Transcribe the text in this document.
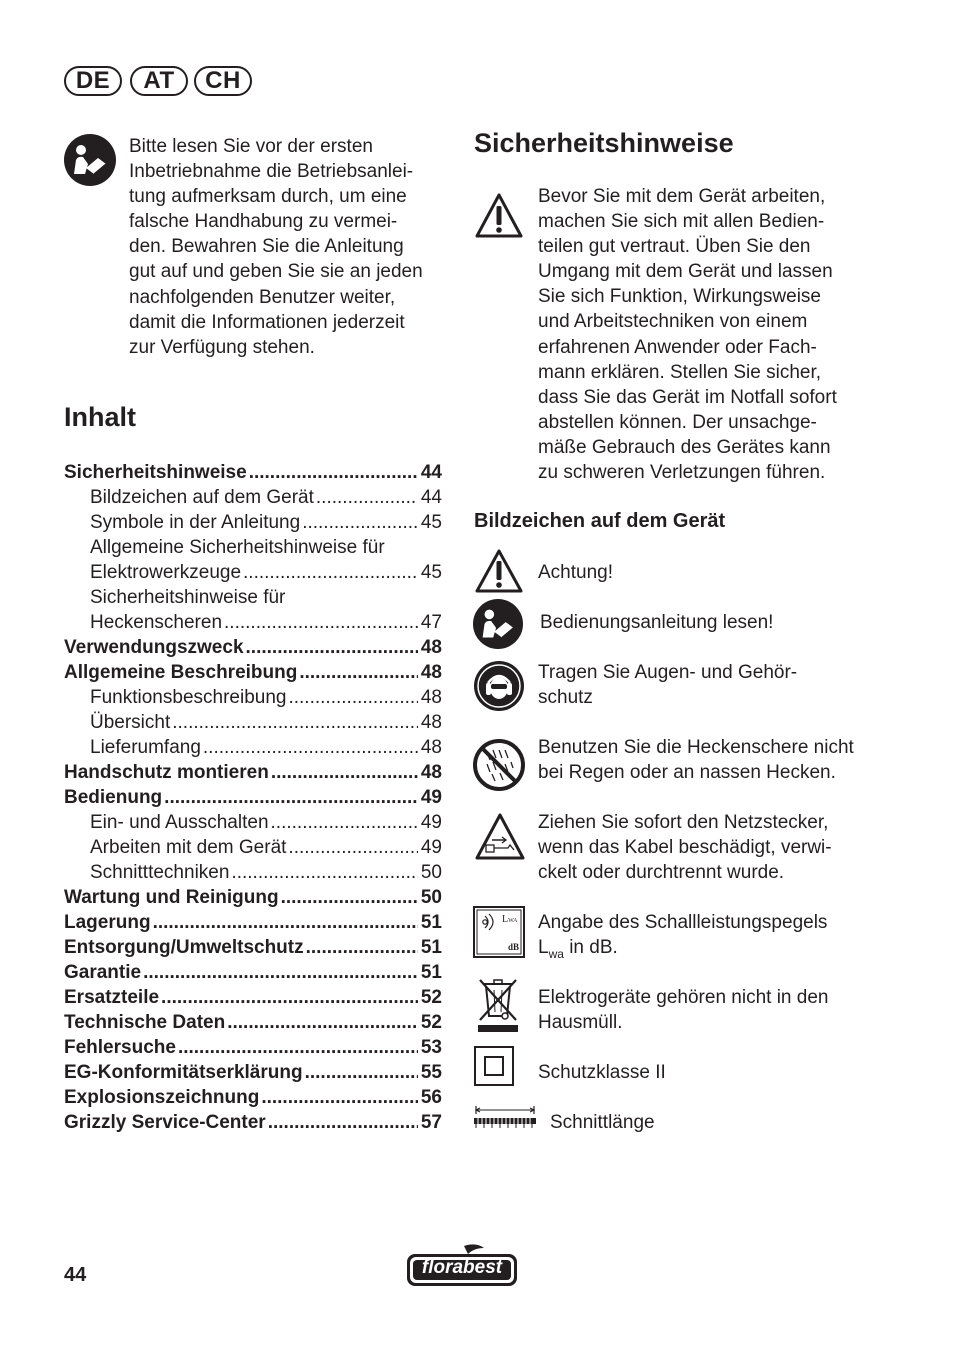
DE AT CH
Bitte lesen Sie vor der ersten
Inbetriebnahme die Betriebsanlei-
tung aufmerksam durch, um eine
falsche Handhabung zu vermei-
den. Bewahren Sie die Anleitung
gut auf und geben Sie sie an jeden
nachfolgenden Benutzer weiter,
damit die Informationen jederzeit
zur Verfügung stehen.
Inhalt
Sicherheitshinweise .....	44
Bildzeichen auf dem Gerät .....	44
Symbole in der Anleitung .....	45
Allgemeine Sicherheitshinweise für
Elektrowerkzeuge .....	45
Sicherheitshinweise für
Heckenscheren .....	47
Verwendungszweck .....	48
Allgemeine Beschreibung .....	48
Funktionsbeschreibung .....	48
Übersicht .....	48
Lieferumfang .....	48
Handschutz montieren .....	48
Bedienung .....	49
Ein- und Ausschalten .....	49
Arbeiten mit dem Gerät .....	49
Schnitttechniken .....	50
Wartung und Reinigung .....	50
Lagerung .....	51
Entsorgung/Umweltschutz .....	51
Garantie .....	51
Ersatzteile .....	52
Technische Daten .....	52
Fehlersuche .....	53
EG-Konformitätserklärung .....	55
Explosionszeichnung .....	56
Grizzly Service-Center .....	57
Sicherheitshinweise
Bevor Sie mit dem Gerät arbeiten,
machen Sie sich mit allen Bedien-
teilen gut vertraut. Üben Sie den
Umgang mit dem Gerät und lassen
Sie sich Funktion, Wirkungsweise
und Arbeitstechniken von einem
erfahrenen Anwender oder Fach-
mann erklären. Stellen Sie sicher,
dass Sie das Gerät im Notfall sofort
abstellen können. Der unsachge-
mäße Gebrauch des Gerätes kann
zu schweren Verletzungen führen.
Bildzeichen auf dem Gerät
Achtung!
Bedienungsanleitung lesen!
Tragen Sie Augen- und Gehör-
schutz
Benutzen Sie die Heckenschere nicht
bei Regen oder an nassen Hecken.
Ziehen Sie sofort den Netzstecker,
wenn das Kabel beschädigt, verwi-
ckelt oder durchtrennt wurde.
LWA
dB
Angabe des Schallleistungspegels
$L_{wa}$ in dB.
Elektrogeräte gehören nicht in den
Hausmüll.
Schutzklasse II
Schnittlänge
44	florabest
